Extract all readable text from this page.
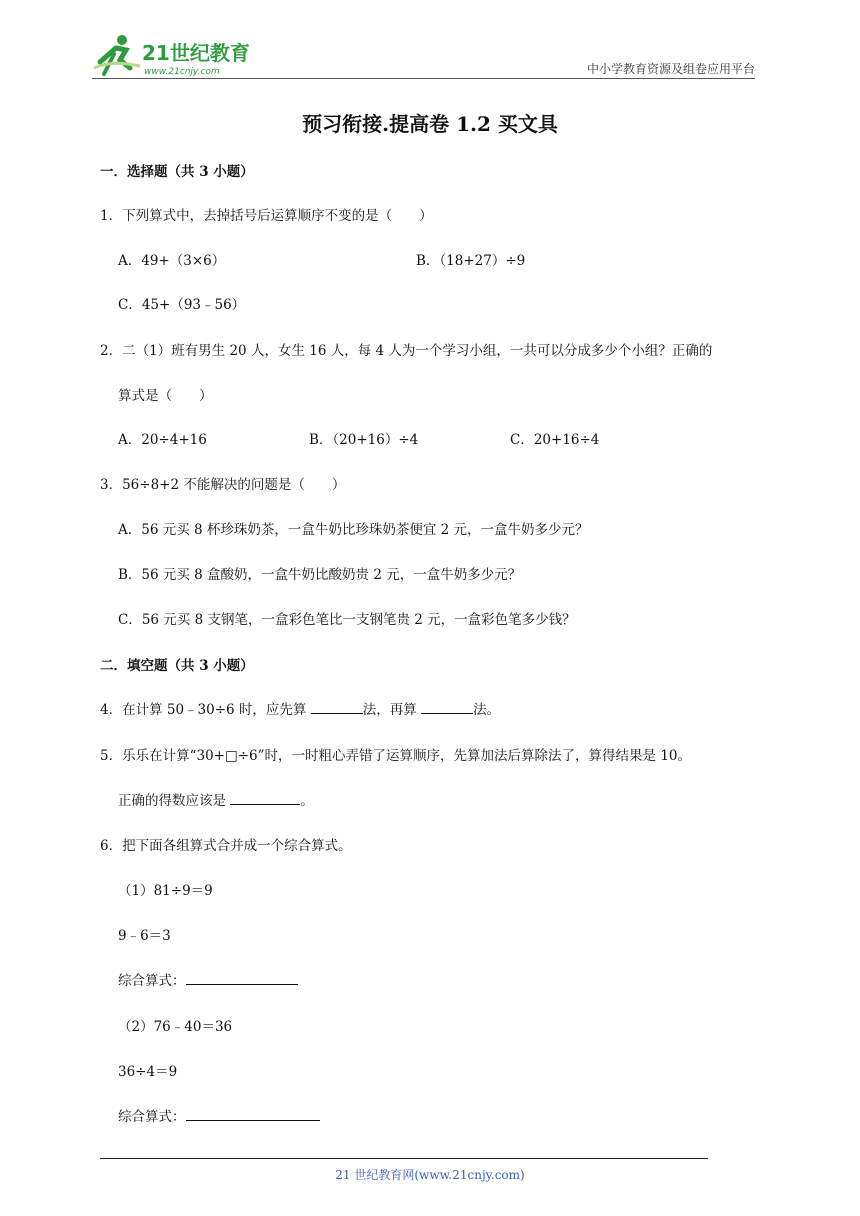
21世纪教育
www.21cnjy.com	中小学教育资源及组卷应用平台
预习衔接.提高卷 1.2 买文具
一．选择题（共 3 小题）
1．下列算式中，去掉括号后运算顺序不变的是（　　）
A．49+（3×6）	B．（18+27）÷9
C．45+（93﹣56）
2．二（1）班有男生 20 人，女生 16 人，每 4 人为一个学习小组，一共可以分成多少个小组？正确的
算式是（　　）
A．20÷4+16	B．（20+16）÷4	C．20+16÷4
3．56÷8+2 不能解决的问题是（　　）
A．56 元买 8 杯珍珠奶茶，一盒牛奶比珍珠奶茶便宜 2 元，一盒牛奶多少元？
B．56 元买 8 盒酸奶，一盒牛奶比酸奶贵 2 元，一盒牛奶多少元？
C．56 元买 8 支钢笔，一盒彩色笔比一支钢笔贵 2 元，一盒彩色笔多少钱？
二．填空题（共 3 小题）
4．在计算 50﹣30÷6 时，应先算	法，再算	法。
5．乐乐在计算“30+□÷6”时，一时粗心弄错了运算顺序，先算加法后算除法了，算得结果是 10。
正确的得数应该是	。
6．把下面各组算式合并成一个综合算式。
（1）81÷9＝9
9﹣6＝3
综合算式：
（2）76﹣40＝36
36÷4＝9
综合算式：
21 世纪教育网(www.21cnjy.com)
